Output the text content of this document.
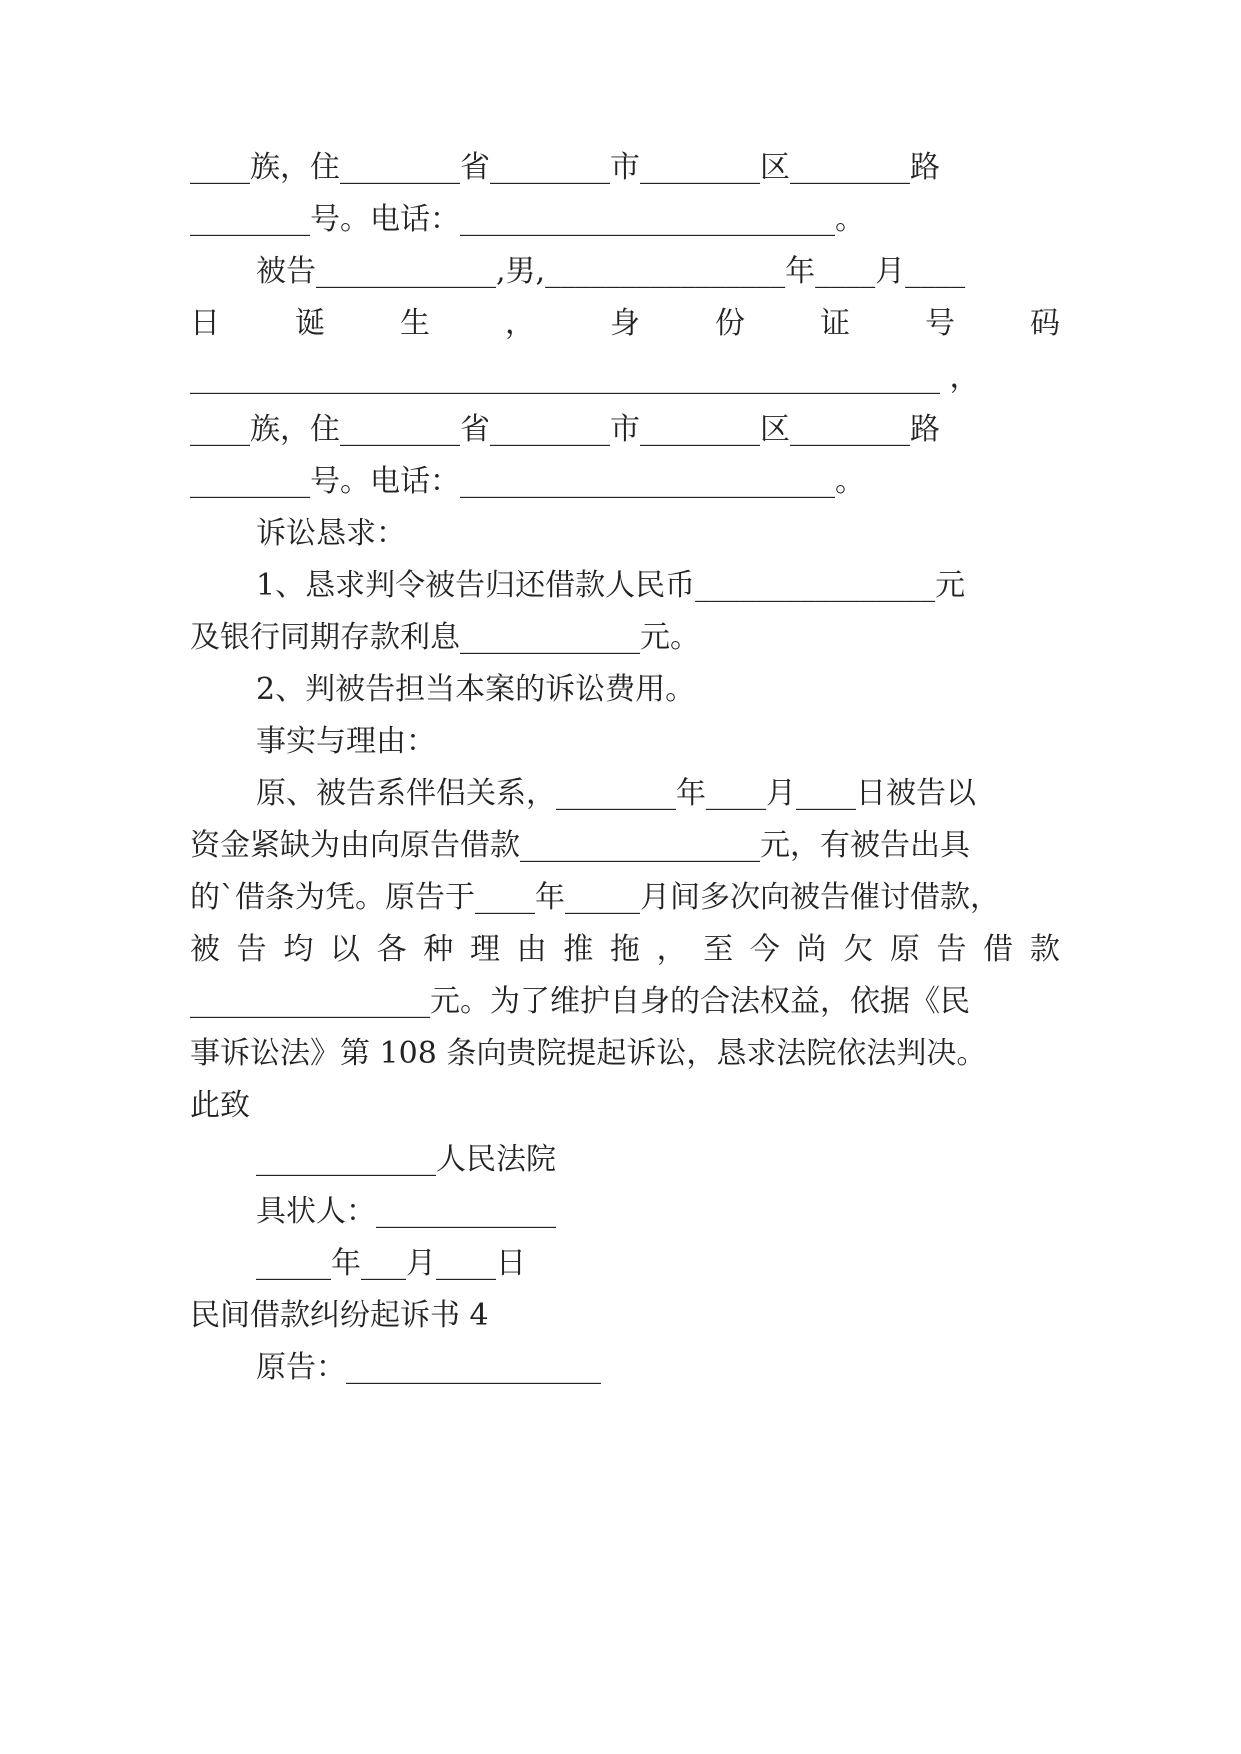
____族，住________省________市________区________路
________号。电话：_________________________。
被告____________,男,________________年____月____
日	诞	生	，	身	份	证	号	码
__________________________________________________ ，
____族，住________省________市________区________路
________号。电话：_________________________。
诉讼恳求：
1、恳求判令被告归还借款人民币________________元
及银行同期存款利息____________元。
2、判被告担当本案的诉讼费用。
事实与理由：
原、被告系伴侣关系，________年____月____日被告以
资金紧缺为由向原告借款________________元，有被告出具
的`借条为凭。原告于____年_____月间多次向被告催讨借款，
被 告 均 以 各 种 理 由 推 拖 ， 至 今 尚 欠 原 告 借 款
________________元。为了维护自身的合法权益，依据《民
事诉讼法》第 108 条向贵院提起诉讼，恳求法院依法判决。
此致
____________人民法院
具状人：____________
_____年___月____日
民间借款纠纷起诉书 4
原告：_________________
